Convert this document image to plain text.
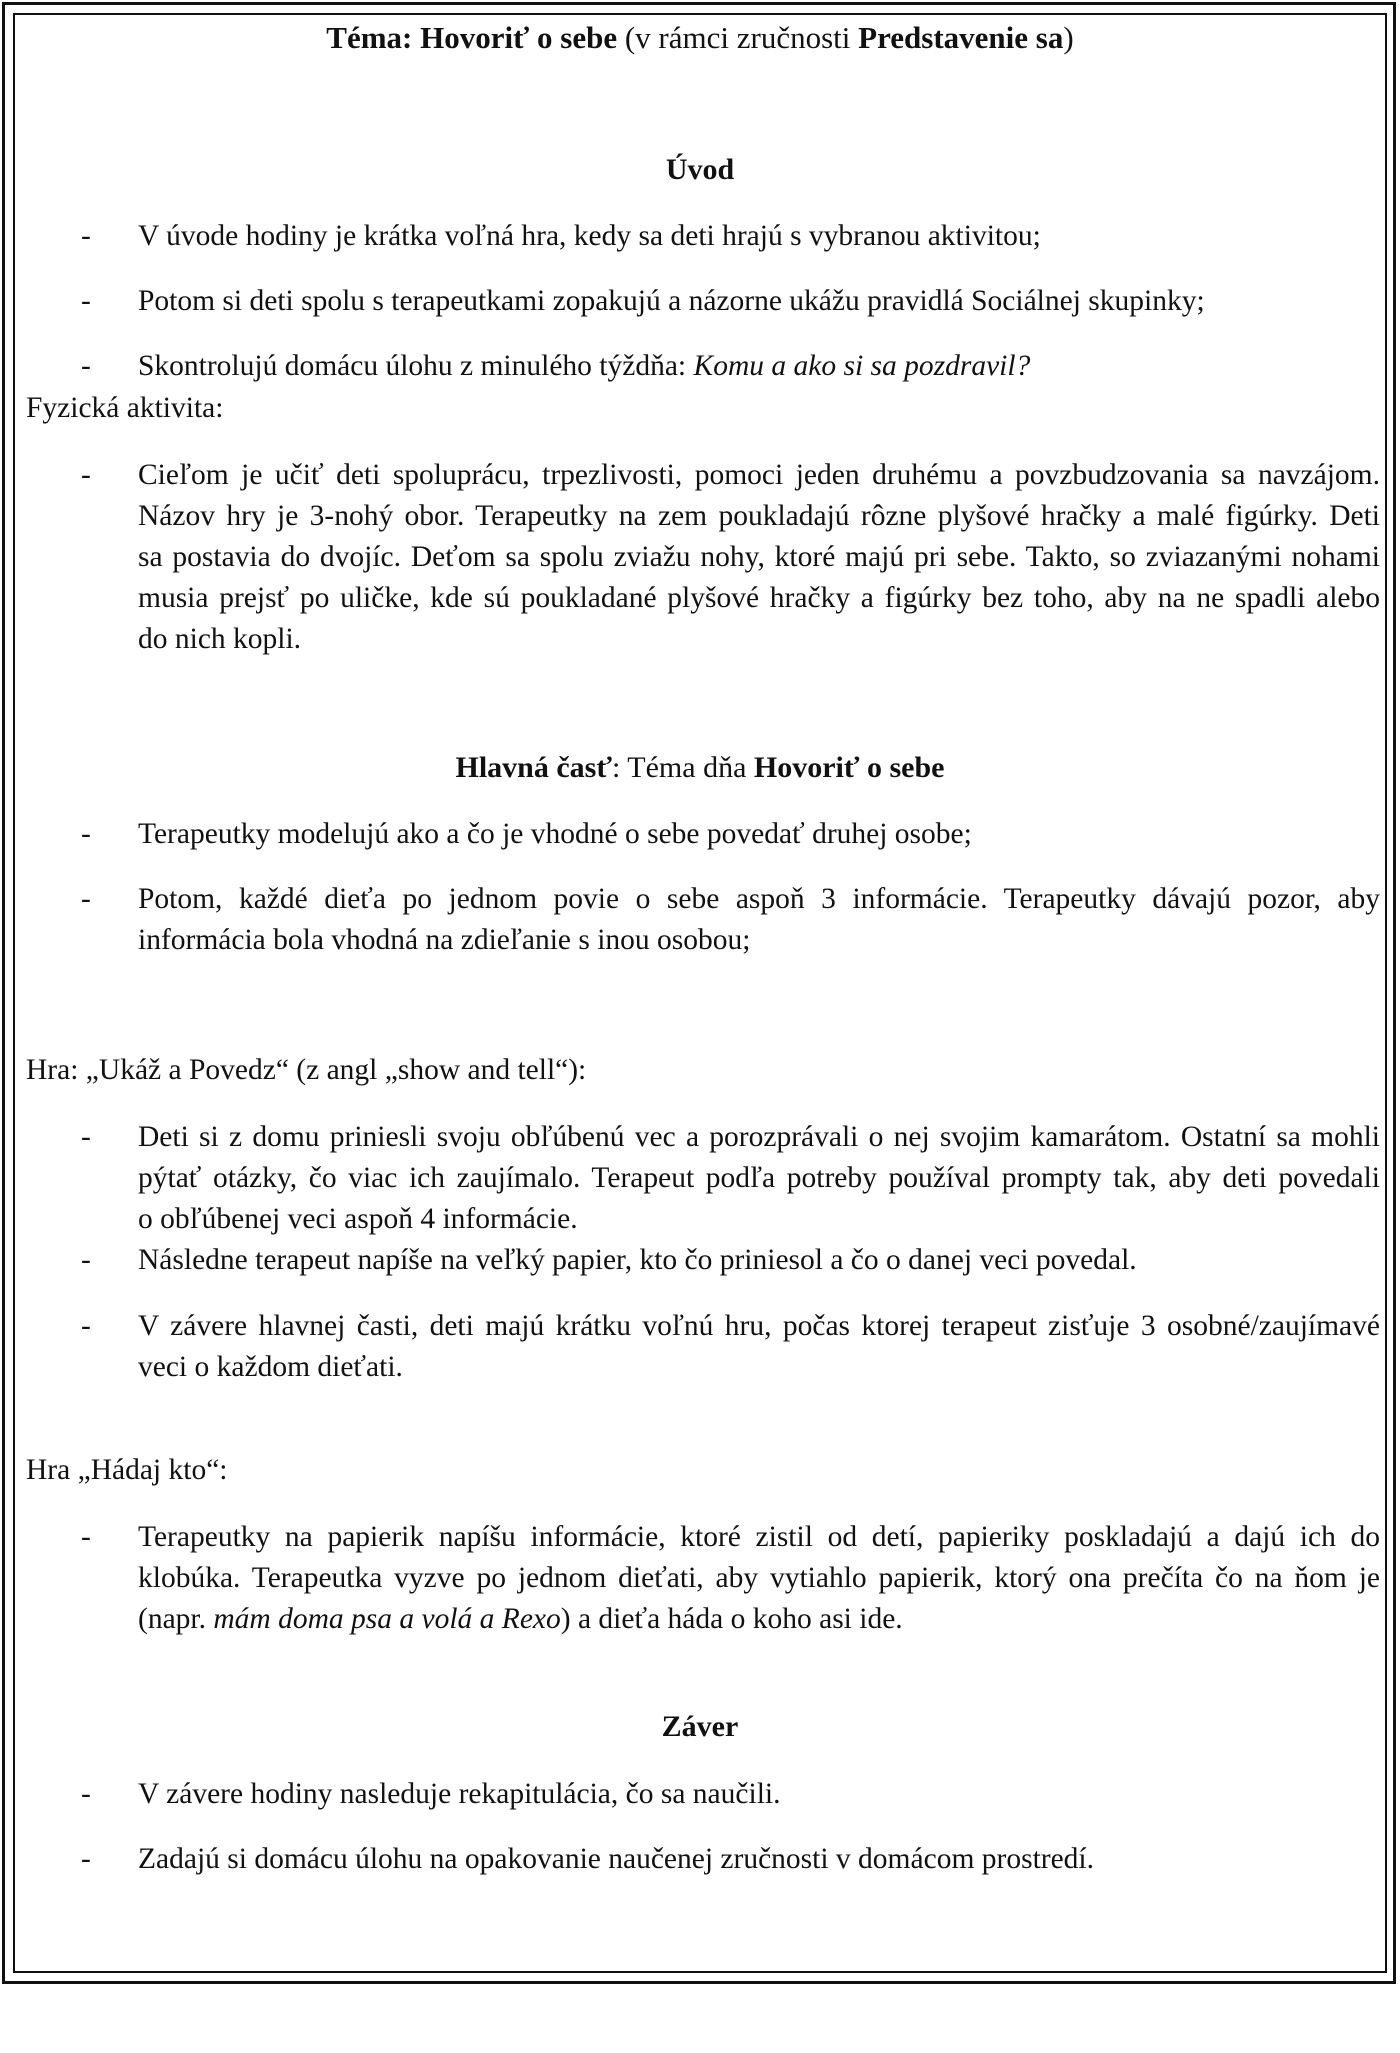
Téma: Hovoriť o sebe (v rámci zručnosti Predstavenie sa)
Úvod
- V úvode hodiny je krátka voľná hra, kedy sa deti hrajú s vybranou aktivitou;
- Potom si deti spolu s terapeutkami zopakujú a názorne ukážu pravidlá Sociálnej skupinky;
- Skontrolujú domácu úlohu z minulého týždňa: Komu a ako si sa pozdravil?
Fyzická aktivita:
- Cieľom je učiť deti spoluprácu, trpezlivosti, pomoci jeden druhému a povzbudzovania sa navzájom.
Názov hry je 3-nohý obor. Terapeutky na zem poukladajú rôzne plyšové hračky a malé figúrky. Deti
sa postavia do dvojíc. Deťom sa spolu zviažu nohy, ktoré majú pri sebe. Takto, so zviazanými nohami
musia prejsť po uličke, kde sú poukladané plyšové hračky a figúrky bez toho, aby na ne spadli alebo
do nich kopli.
Hlavná časť: Téma dňa Hovoriť o sebe
- Terapeutky modelujú ako a čo je vhodné o sebe povedať druhej osobe;
- Potom, každé dieťa po jednom povie o sebe aspoň 3 informácie. Terapeutky dávajú pozor, aby
informácia bola vhodná na zdieľanie s inou osobou;
Hra: „Ukáž a Povedz“ (z angl „show and tell“):
- Deti si z domu priniesli svoju obľúbenú vec a porozprávali o nej svojim kamarátom. Ostatní sa mohli
pýtať otázky, čo viac ich zaujímalo. Terapeut podľa potreby používal prompty tak, aby deti povedali
o obľúbenej veci aspoň 4 informácie.
- Následne terapeut napíše na veľký papier, kto čo priniesol a čo o danej veci povedal.
- V závere hlavnej časti, deti majú krátku voľnú hru, počas ktorej terapeut zisťuje 3 osobné/zaujímavé
veci o každom dieťati.
Hra „Hádaj kto“:
- Terapeutky na papierik napíšu informácie, ktoré zistil od detí, papieriky poskladajú a dajú ich do
klobúka. Terapeutka vyzve po jednom dieťati, aby vytiahlo papierik, ktorý ona prečíta čo na ňom je
(napr. mám doma psa a volá a Rexo) a dieťa háda o koho asi ide.
Záver
- V závere hodiny nasleduje rekapitulácia, čo sa naučili.
- Zadajú si domácu úlohu na opakovanie naučenej zručnosti v domácom prostredí.
